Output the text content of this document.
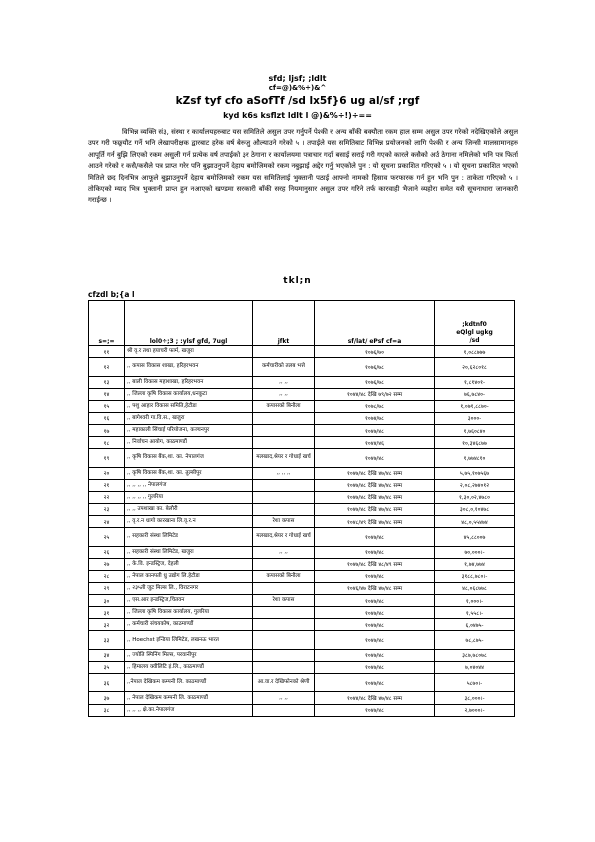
sfd; ljsf; ;ldlt
cf=@)&%÷)&^
kZsf tyf cfo aSofTf /sd lx5f}6 ug al/sf ;rgf
kyd k6s ksflzt ldlt l @)&%÷!)÷==
विभिन्न व्यक्ति सं३, संस्था र कार्यालयहरुबाट यस समितिले असुल उपर गर्नुपर्ने पेश्की र अन्य बाँकी बक्यौता रकम हाल सम्म असुल उपर गरेको नदेखिएकोले असुल उपर गरी फछ्र्यौट गर्ने भनि लेखापरीक्षक द्वारबाट हरेक वर्ष बेरुजु औल्याउने गरेको ५ । तपाईले यस समितिबाट विभिन्न प्रयोजनको लागि पेश्की र अन्य जिन्सी मालसामानहरु आपूर्ति गर्न बुझि लिएको रकम असुली गर्न प्रत्येक वर्ष तपाईको ३र ठेगाना र कार्यालयमा पत्राचार गर्दा बसाई सराई गरी गएको कारले कसैको अर्उ ठेगाना नमिलेको भनि पत्र फिर्ता आउने गरेको र कसै/कसैले पत्र प्राप्त गरेर पनि बुझाउनुपर्ने देहाय बमोजिमको रकम नबुझाई अद्देर गर्नु भएकोले पुन : यो सूचना प्रकाशित गरिएको ५ । यो सूचना प्रकाशित भएको मितिले छद दिनभित्र आफूले बुझाउनुपर्ने देहाय बमोजिमको रकम यस समितिलाई भुक्तानी पठाई आफ्नो नामको हिसाव फरफारक गर्न हुन भनि पुन : ताकेता गरिएको ५ । तोकिएको म्याद भित्र भुक्तानी प्राप्त हुन नआएको खण्डमा सरकारी बाँकी सरह नियमानुसार असुल उपर गरिने तर्फ कारवाही भैजाने व्यहोरा समेत यसै सूचनाधारा जानकारी गराईन्छ ।
tkl;n
cfzdl b;{a l
s=;=	lol0÷;3 ; :ylsf gfd, 7ugl	jfkt	sf/lat/ ePsf cf=a	;kdtnf0
eQlgl ugkg
/sd
११	श्री वृ.र तथा हयाचरी फार्म, खजुरा		१०७६/७०	१,०८८७७७
१२	,, कपास विकास शाखा, हरिहरभवन	कर्मचारीको तलब भत्ते	१०७६/७८	२०,६२८०१८
१३	,, बाली विकास महाशाखा, हरिहरभवन	,, ,,	१०७६/७८	१,८१४०१-
१४	,, जिल्ला कृषि विकास कार्यालय,धनकुटा	,, ,,	१०४४/४८ देखि ७९/७२ सम्म	७६,७८४०-
१५	,, पशु आहार विकास समिति,हेटौडा	कपासको बिनौला	१०७८/७८	१,०७१,८८७०-
१६	,, बागेश्वरी गा.वि.स., खजुरा		१०७४/७८	३०००-
१७	,, महाकाली सिंचाई परियोजना, कञ्चनपुर		१०४७/४८	१,७६०८४०
१८	,, निर्वाचन आयोग, काठमाण्डौं		१०४४/४६	१०,३४६८७७
१९	,, कृषि विकास बैंक,शा. का. नेपालगंज	मलखाद,श्रेयर र गोधाई खर्च	१०४७/४८	१,७७४८१०
२०	,, कृषि विकास बैंक,शा. का. तुल्सीपुर	,, ,, ,,	१०४७/४८ देखि ४७/४८ सम्म	५,७५,१०७५६७
२१	,, ,, ,, ,, नेपालगंज		१०४७/४८ देखि ४७/४८ सम्म	२,०८,२७४०१२
२२	,, ,, ,, ,, गुलरिया		१०४७/४८ देखि ४७/४८ सम्म	१,३०,०२,४७८०
२३	,, ,, उपशाखा का. बेलौरी		१०४७/४८ देखि ४७/४८ सम्म	३०८,०,१०४७८
२४	,, वृ.र.न धागो कारखाना लि.वृ.र.न	रेशा कपास	१०४८/४९ देखि ४७/४८ सम्म	४८,०,५५४७४
२५	,, सहकारी संस्था लिमिटेड	मलखाद,श्रेयर र गोधाई खर्च	१०४७/४८	४५,८८००७
२६	,, सहकारी संस्था लिमिटेड, खजुरा	,, ,,	१०४७/४८	७०,०००।-
२७	,, के.वि. इन्डस्ट्रिज, देहली		१०४७/४८ देखि ४८/४९ सम्म	१,७४,७७४
२८	,, नेपाल कानपती धु उद्योग लि.हेटौडा	कपासको बिनौला	१०४७/४८	३१८८,७८०।-
२९	,, २३५ती जुट मिल्स लि., विराटनगर		१०४६/४७ देखि ४७/४८ सम्म	४८,०६८७७८
३०	,, एस.आर इन्डस्ट्रिज,चितवन	रेशा कपास	१०४७/४८	१,०००।-
३१	,, जिल्ला कृषि विकास कार्यालय, गुलरिया		१०४७/४८	१,५५८।-
३२	,, कर्मचारी संचयकोष, काठमाण्डौं		१०४७/४८	६,०४७५-
३३	,, Hoechst इन्डिया लिमिटेड, लखनऊ भारत		१०४७/४८	७८,८७५-
३४	,, ज्योति स्पिनिंग मिल्स, परवानीपुर		१०४७/४८	३८७,७८०७८
३५	,, हिमालय क्वीलिटि इं.लि., काठमाण्डौं		१०४७/४८	७,०४०४४
३६	,,नेपाल देखिकम कम्पनी लि. काठमाण्डौं	आ.वा.र देखिफोनको श्रेणी	१०४७/४८	५८७०।-
३७	,, नेपाल देखिकम कम्पनी लि. काठमाण्डौं	,, ,,	१०४४/४८ देखि ४७/४८ सम्म	३८,०००।-
३८	,, ,, ,, क्षे.का.नेपालगंज		१०४७/४८	२,७०००।-
